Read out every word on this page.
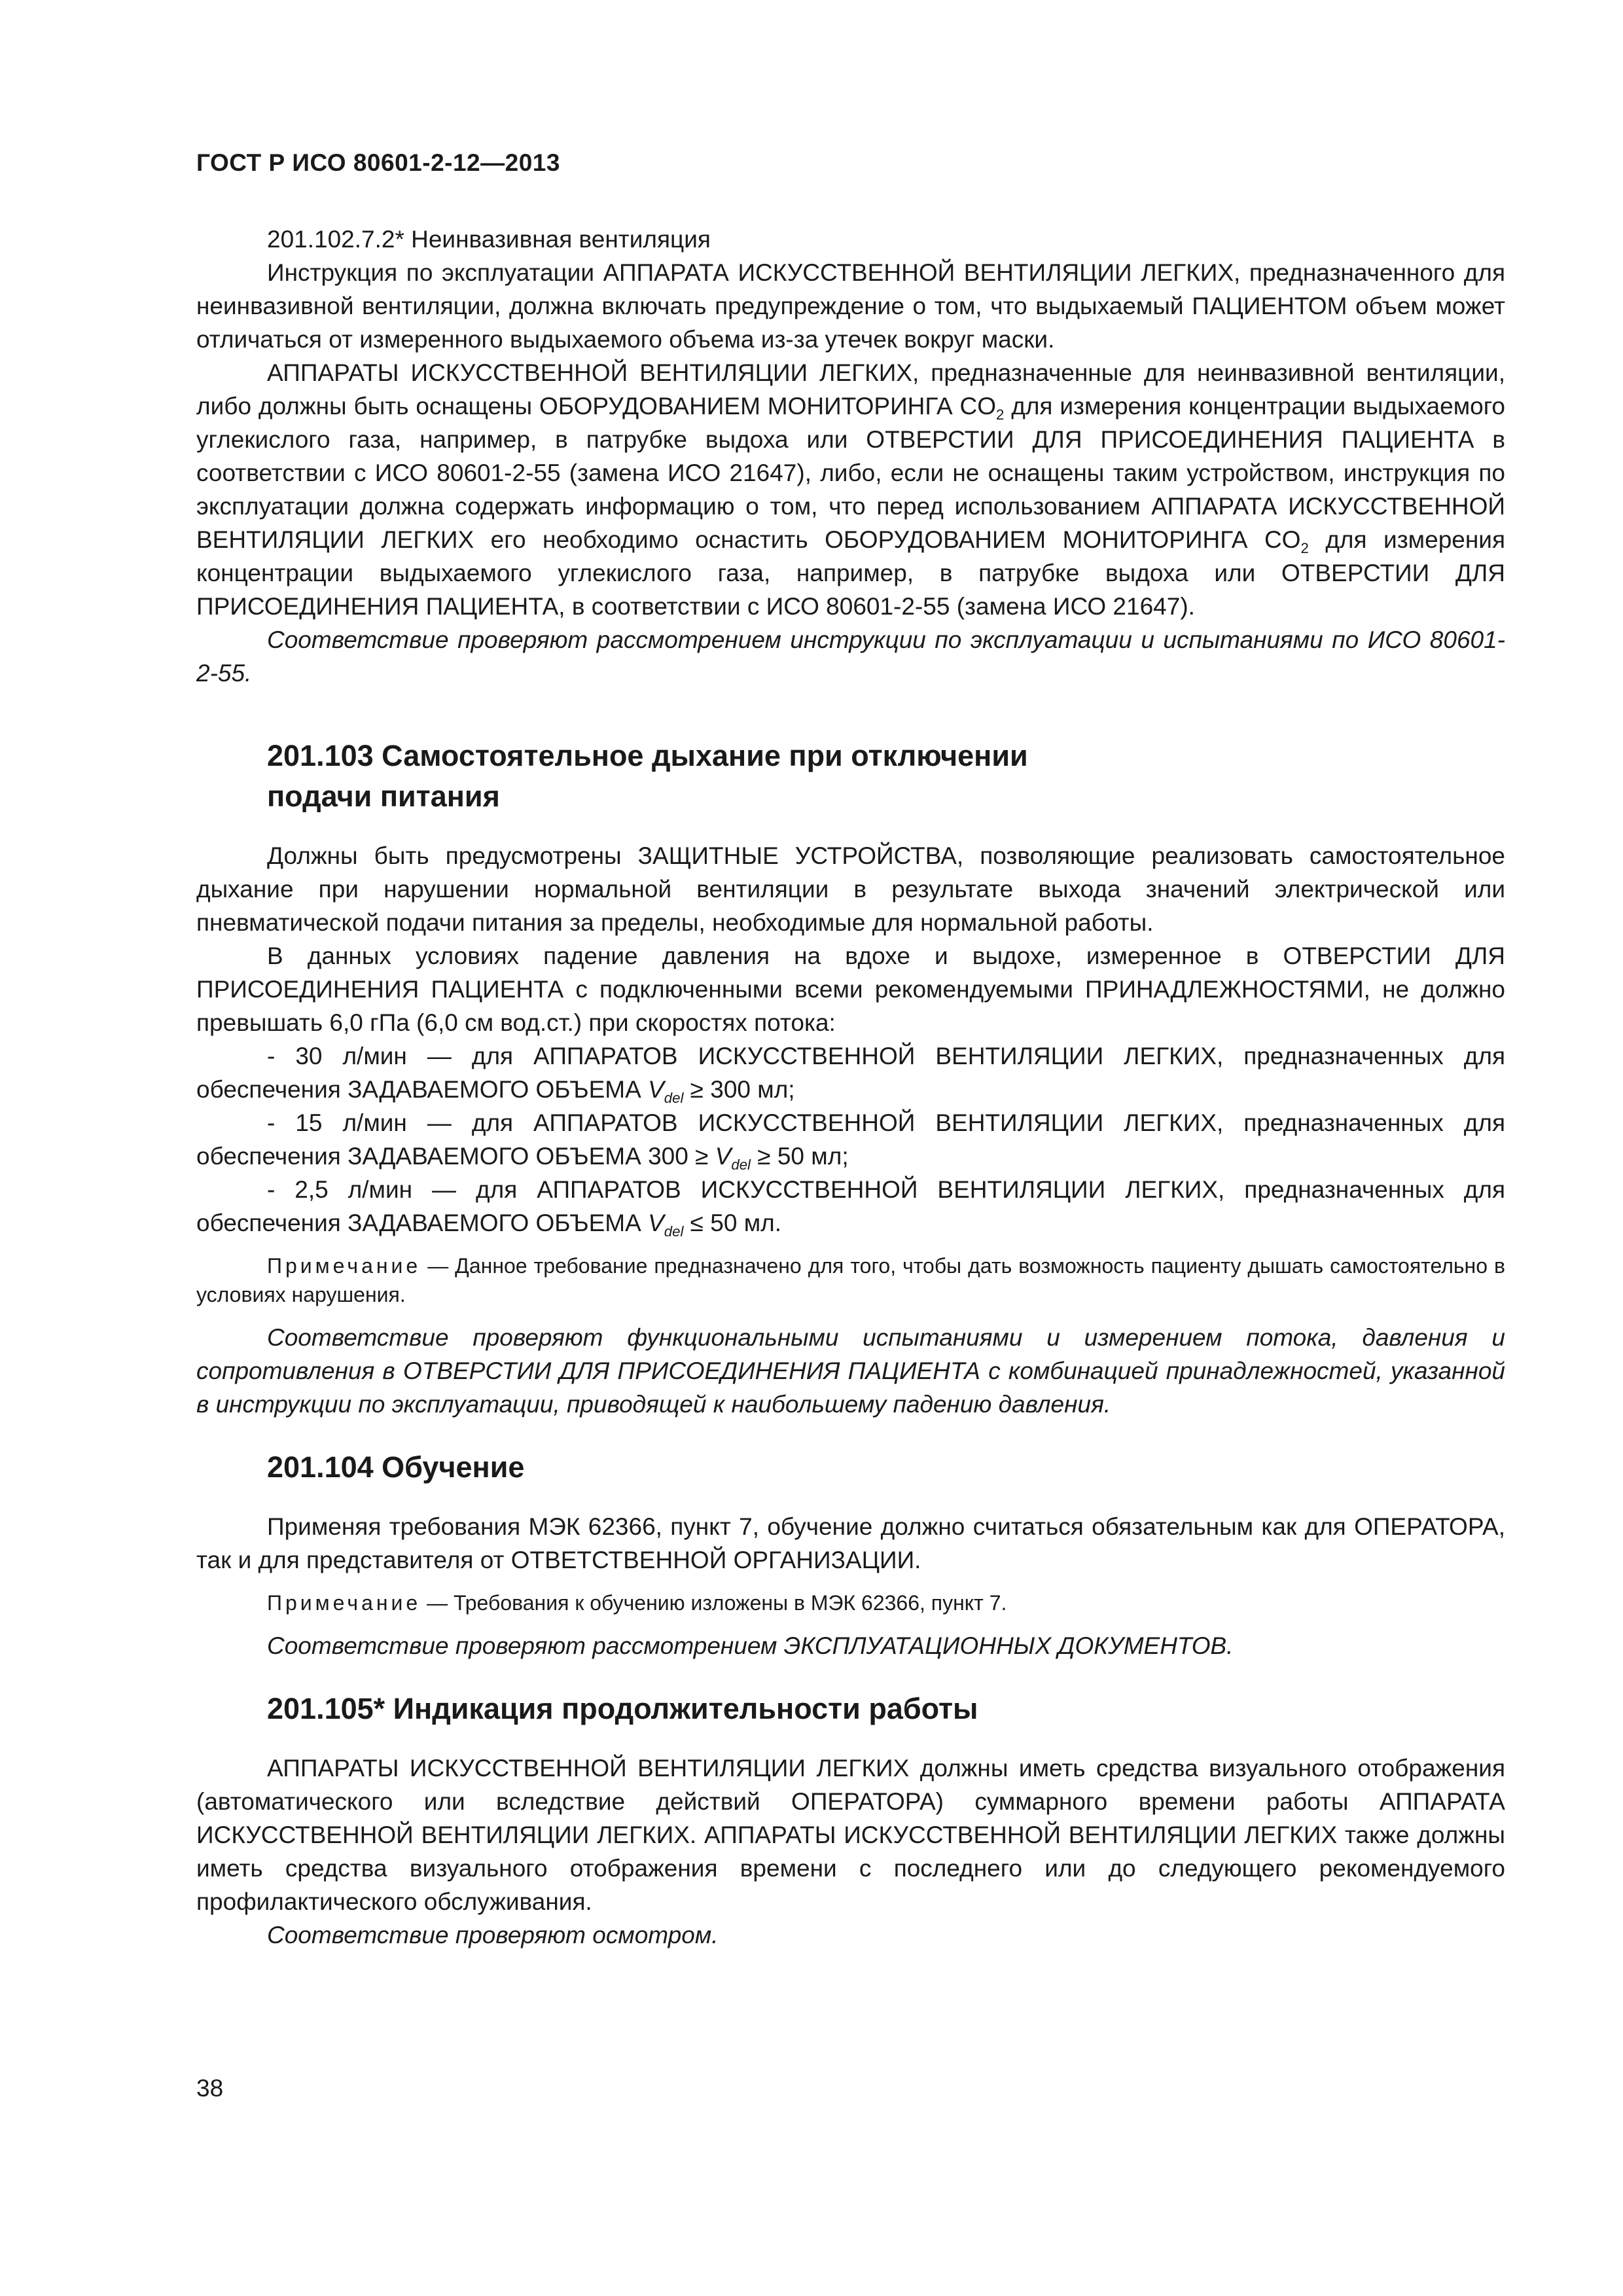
ГОСТ Р ИСО 80601-2-12—2013

201.102.7.2* Неинвазивная вентиляция

Инструкция по эксплуатации АППАРАТА ИСКУССТВЕННОЙ ВЕНТИЛЯЦИИ ЛЕГКИХ, предназначенного для неинвазивной вентиляции, должна включать предупреждение о том, что выдыхаемый ПАЦИЕНТОМ объем может отличаться от измеренного выдыхаемого объема из-за утечек вокруг маски.

АППАРАТЫ ИСКУССТВЕННОЙ ВЕНТИЛЯЦИИ ЛЕГКИХ, предназначенные для неинвазивной вентиляции, либо должны быть оснащены ОБОРУДОВАНИЕМ МОНИТОРИНГА $CO_2$ для измерения концентрации выдыхаемого углекислого газа, например, в патрубке выдоха или ОТВЕРСТИИ ДЛЯ ПРИСОЕДИНЕНИЯ ПАЦИЕНТА в соответствии с ИСО 80601-2-55 (замена ИСО 21647), либо, если не оснащены таким устройством, инструкция по эксплуатации должна содержать информацию о том, что перед использованием АППАРАТА ИСКУССТВЕННОЙ ВЕНТИЛЯЦИИ ЛЕГКИХ его необходимо оснастить ОБОРУДОВАНИЕМ МОНИТОРИНГА $CO_2$ для измерения концентрации выдыхаемого углекислого газа, например, в патрубке выдоха или ОТВЕРСТИИ ДЛЯ ПРИСОЕДИНЕНИЯ ПАЦИЕНТА, в соответствии с ИСО 80601-2-55 (замена ИСО 21647).

Соответствие проверяют рассмотрением инструкции по эксплуатации и испытаниями по ИСО 80601-2-55.

201.103 Самостоятельное дыхание при отключении
подачи питания

Должны быть предусмотрены ЗАЩИТНЫЕ УСТРОЙСТВА, позволяющие реализовать самостоятельное дыхание при нарушении нормальной вентиляции в результате выхода значений электрической или пневматической подачи питания за пределы, необходимые для нормальной работы.

В данных условиях падение давления на вдохе и выдохе, измеренное в ОТВЕРСТИИ ДЛЯ ПРИСОЕДИНЕНИЯ ПАЦИЕНТА с подключенными всеми рекомендуемыми ПРИНАДЛЕЖНОСТЯМИ, не должно превышать 6,0 гПа (6,0 см вод.ст.) при скоростях потока:

- 30 л/мин — для АППАРАТОВ ИСКУССТВЕННОЙ ВЕНТИЛЯЦИИ ЛЕГКИХ, предназначенных для обеспечения ЗАДАВАЕМОГО ОБЪЕМА $V_{del} \ge 300$ мл;

- 15 л/мин — для АППАРАТОВ ИСКУССТВЕННОЙ ВЕНТИЛЯЦИИ ЛЕГКИХ, предназначенных для обеспечения ЗАДАВАЕМОГО ОБЪЕМА $300 \ge V_{del} \ge 50$ мл;

- 2,5 л/мин — для АППАРАТОВ ИСКУССТВЕННОЙ ВЕНТИЛЯЦИИ ЛЕГКИХ, предназначенных для обеспечения ЗАДАВАЕМОГО ОБЪЕМА $V_{del} \le 50$ мл.

Примечание — Данное требование предназначено для того, чтобы дать возможность пациенту дышать самостоятельно в условиях нарушения.

Соответствие проверяют функциональными испытаниями и измерением потока, давления и сопротивления в ОТВЕРСТИИ ДЛЯ ПРИСОЕДИНЕНИЯ ПАЦИЕНТА с комбинацией принадлежностей, указанной в инструкции по эксплуатации, приводящей к наибольшему падению давления.

201.104 Обучение

Применяя требования МЭК 62366, пункт 7, обучение должно считаться обязательным как для ОПЕРАТОРА, так и для представителя от ОТВЕТСТВЕННОЙ ОРГАНИЗАЦИИ.

Примечание — Требования к обучению изложены в МЭК 62366, пункт 7.

Соответствие проверяют рассмотрением ЭКСПЛУАТАЦИОННЫХ ДОКУМЕНТОВ.

201.105* Индикация продолжительности работы

АППАРАТЫ ИСКУССТВЕННОЙ ВЕНТИЛЯЦИИ ЛЕГКИХ должны иметь средства визуального отображения (автоматического или вследствие действий ОПЕРАТОРА) суммарного времени работы АППАРАТА ИСКУССТВЕННОЙ ВЕНТИЛЯЦИИ ЛЕГКИХ. АППАРАТЫ ИСКУССТВЕННОЙ ВЕНТИЛЯЦИИ ЛЕГКИХ также должны иметь средства визуального отображения времени с последнего или до следующего рекомендуемого профилактического обслуживания.

Соответствие проверяют осмотром.

38
